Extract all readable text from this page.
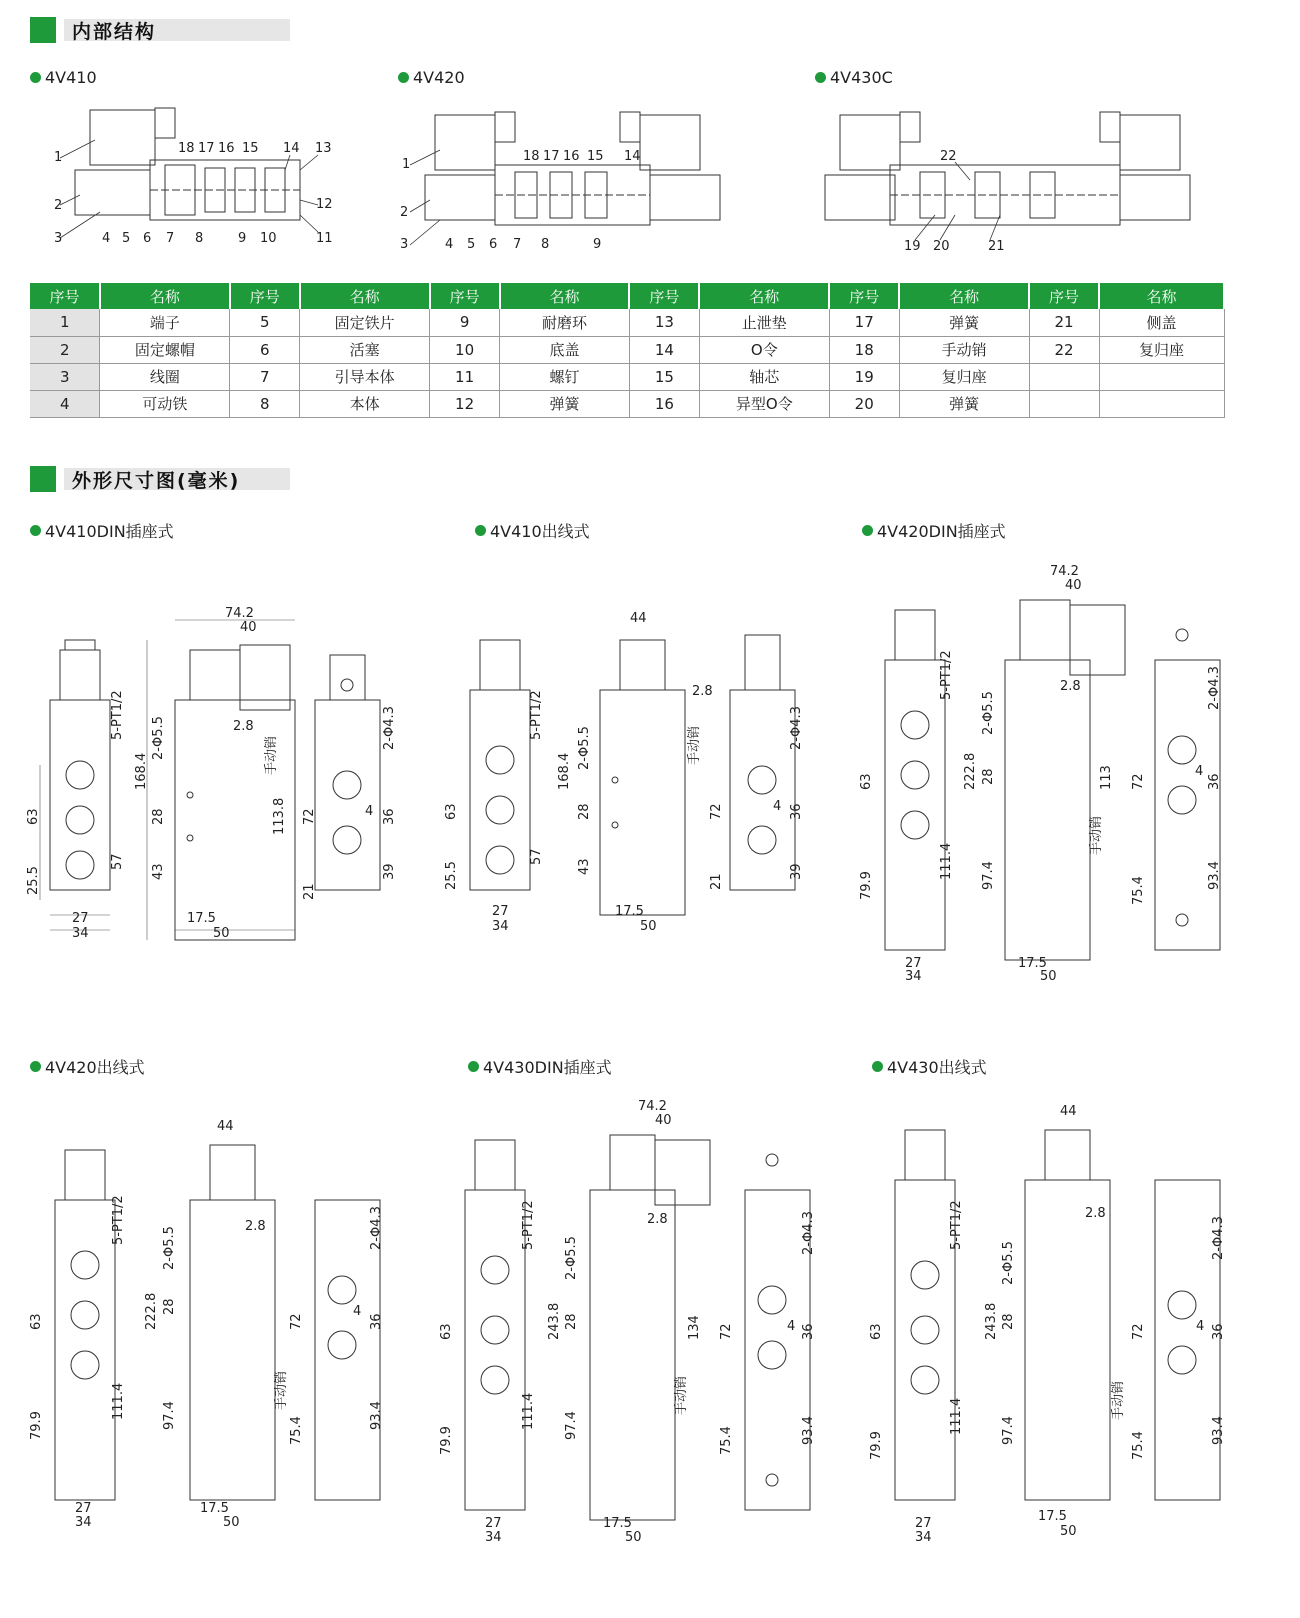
内部结构
4V410	4V420	4V430C
1
18 17 16 15 14 13
12
11
10
9
8
7
6
5
4
3
2
1
2
3	4 5 6 7 8	9
18 17 16 15 14	22
19 20	21
序号	名称	序号	名称	序号	名称	序号	名称	序号	名称	序号	名称
1	端子	5	固定铁片	9	耐磨环	13	止泄垫	17	弹簧	21	侧盖
2	固定螺帽	6	活塞	10	底盖	14	O令	18	手动销	22	复归座
3	线圈	7	引导本体	11	螺钉	15	轴芯	19	复归座		
4	可动铁	8	本体	12	弹簧	16	异型O令	20	弹簧		
外形尺寸图(毫米)
4V410DIN插座式	4V410出线式	4V420DIN插座式
4V420出线式	4V430DIN插座式	4V430出线式
63
25.5
27
34
57
74.2
40
168.4
2.8
28
43
17.5
50
113.8 72
21
36
39
4
5-PT1/2 2-Φ5.5	2-Φ4.3
手动销
63
25.5
27
34
57
44
168.4
2.8
28
43
17.5
50
72
21
36
39
4
5-PT1/2
2-Φ5.5	2-Φ4.3
手动销
63
79.9
27
34
111.4
74.2
40
222.8
2.8
28
97.4
113
17.5
50
72
75.4
36
93.4
4
5-PT1/2
2-Φ5.5
2-Φ4.3
手动销
63
79.9
27
34
111.4
44
222.8
2.8
28
97.4
17.5
50
72
75.4
36
93.4
4
5-PT1/2
2-Φ5.5	2-Φ4.3
手动销
63
79.9
27
34
111.4
74.2
40
243.8
2.8
28
97.4
134
17.5
50
72
75.4
36
93.4
4
5-PT1/2
2-Φ5.5
2-Φ4.3
手动销
63
79.9
27
34
111.4
44
243.8
2.8
28
97.4
17.5
50
72
75.4
36
93.4
4
5-PT1/2
2-Φ5.5
2-Φ4.3
手动销
